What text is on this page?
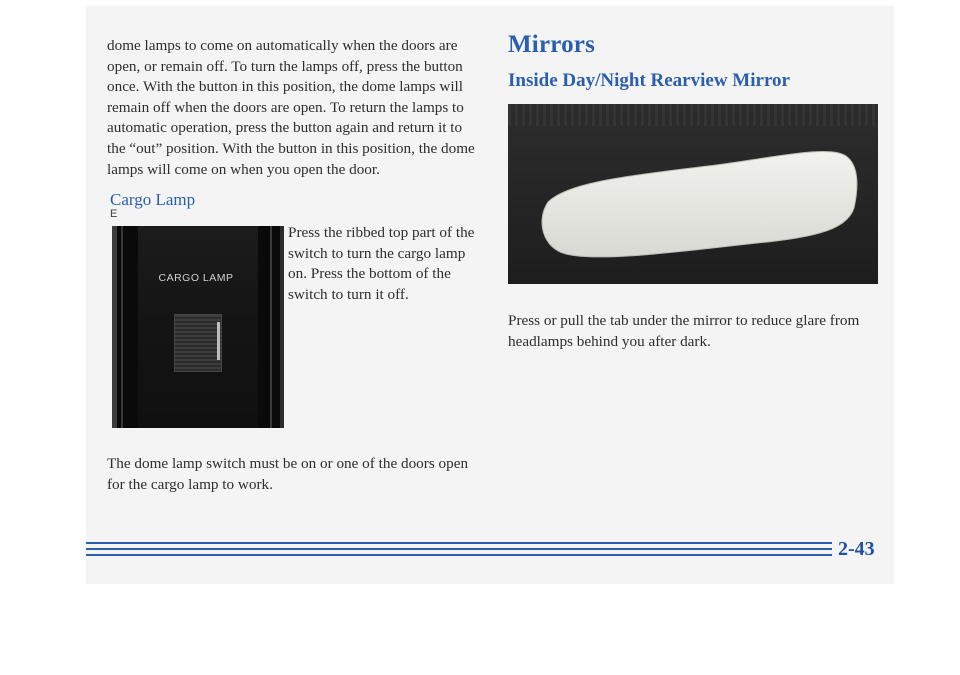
dome lamps to come on automatically when the doors are open, or remain off. To turn the lamps off, press the button once. With the button in this position, the dome lamps will remain off when the doors are open. To return the lamps to automatic operation, press the button again and return it to the “out” position. With the button in this position, the dome lamps will come on when you open the door.

Cargo Lamp
E
CARGO LAMP

Press the ribbed top part of the switch to turn the cargo lamp on. Press the bottom of the switch to turn it off.

The dome lamp switch must be on or one of the doors open for the cargo lamp to work.

Mirrors
Inside Day/Night Rearview Mirror

Press or pull the tab under the mirror to reduce glare from headlamps behind you after dark.

2-43
